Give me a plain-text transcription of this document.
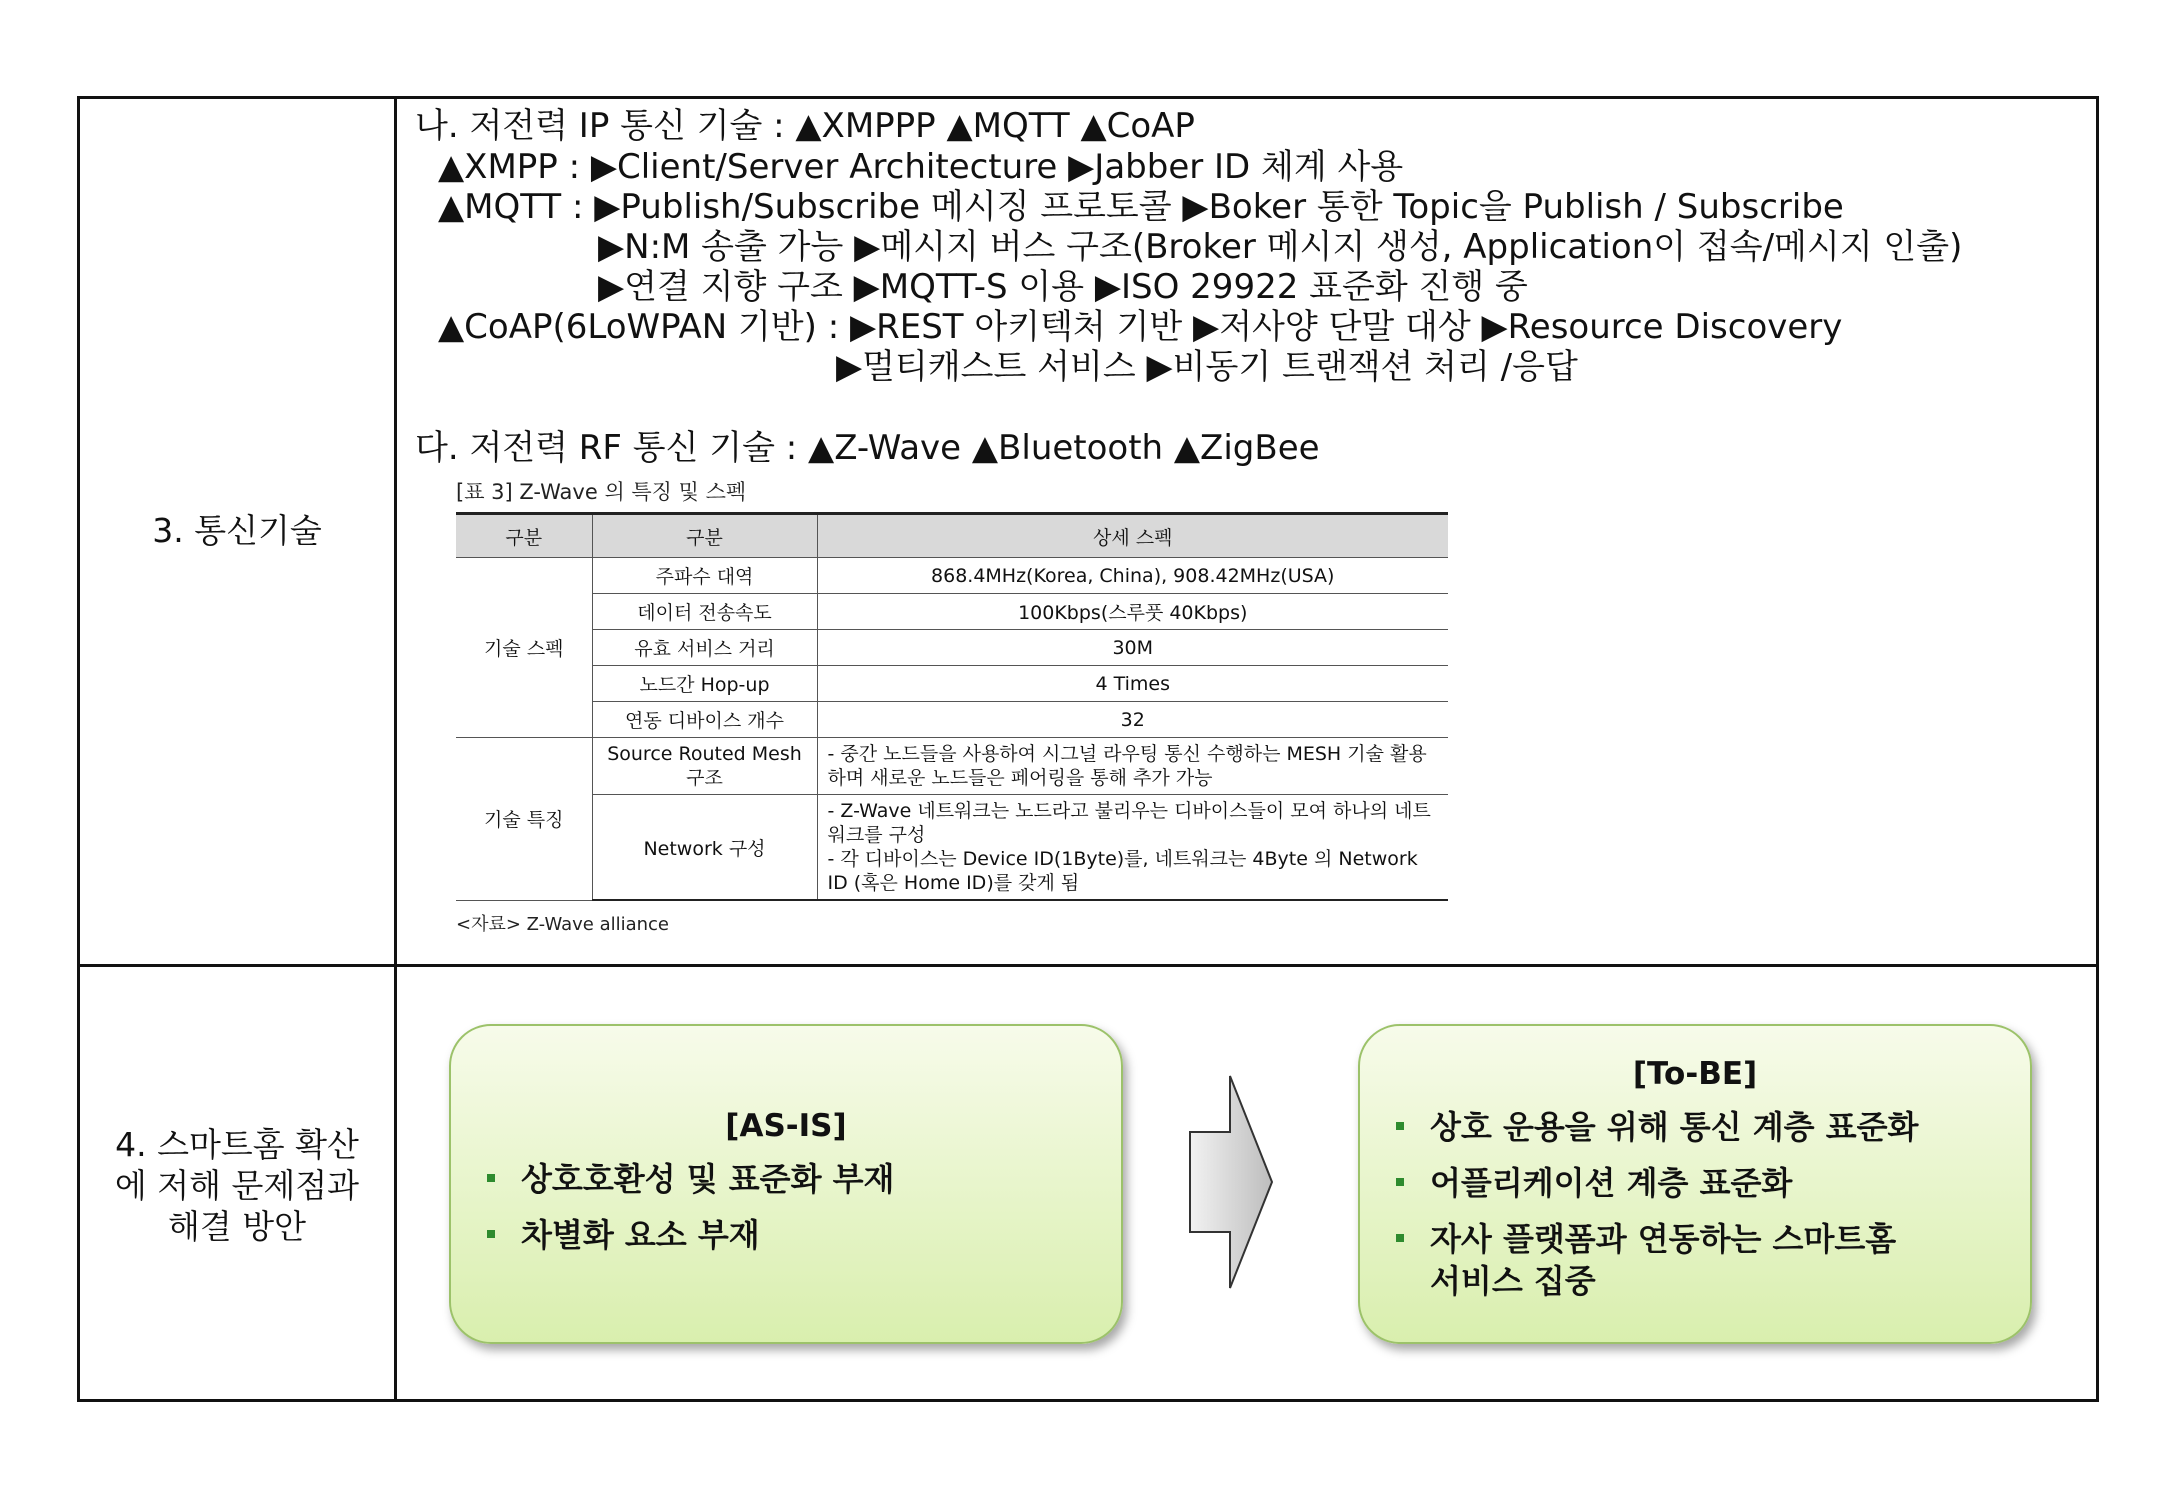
3. 통신기술
나. 저전력 IP 통신 기술 : ▲XMPPP ▲MQTT ▲CoAP
▲XMPP : ▶Client/Server Architecture ▶Jabber ID 체계 사용
▲MQTT : ▶Publish/Subscribe 메시징 프로토콜 ▶Boker 통한 Topic을 Publish / Subscribe
▶N:M 송출 가능 ▶메시지 버스 구조(Broker 메시지 생성, Application이 접속/메시지 인출)
▶연결 지향 구조 ▶MQTT-S 이용 ▶ISO 29922 표준화 진행 중
▲CoAP(6LoWPAN 기반) : ▶REST 아키텍처 기반 ▶저사양 단말 대상 ▶Resource Discovery
▶멀티캐스트 서비스 ▶비동기 트랜잭션 처리 /응답
다. 저전력 RF 통신 기술 : ▲Z-Wave ▲Bluetooth ▲ZigBee
[표 3] Z-Wave 의 특징 및 스펙
구분	구분	상세 스펙
기술 스펙	주파수 대역	868.4MHz(Korea, China), 908.42MHz(USA)
	데이터 전송속도	100Kbps(스루풋 40Kbps)
	유효 서비스 거리	30M
	노드간 Hop-up	4 Times
	연동 디바이스 개수	32
기술 특징	Source Routed Mesh 구조	- 중간 노드들을 사용하여 시그널 라우팅 통신 수행하는 MESH 기술 활용하며 새로운 노드들은 페어링을 통해 추가 가능
	Network 구성	- Z-Wave 네트워크는 노드라고 불리우는 디바이스들이 모여 하나의 네트워크를 구성
- 각 디바이스는 Device ID(1Byte)를, 네트워크는 4Byte 의 Network ID (혹은 Home ID)를 갖게 됨
<자료> Z-Wave alliance
4. 스마트홈 확산
에 저해 문제점과
해결 방안
[AS-IS]
상호호환성 및 표준화 부재
차별화 요소 부재
[To-BE]
상호 운용을 위해 통신 계층 표준화
어플리케이션 계층 표준화
자사 플랫폼과 연동하는 스마트홈
서비스 집중
